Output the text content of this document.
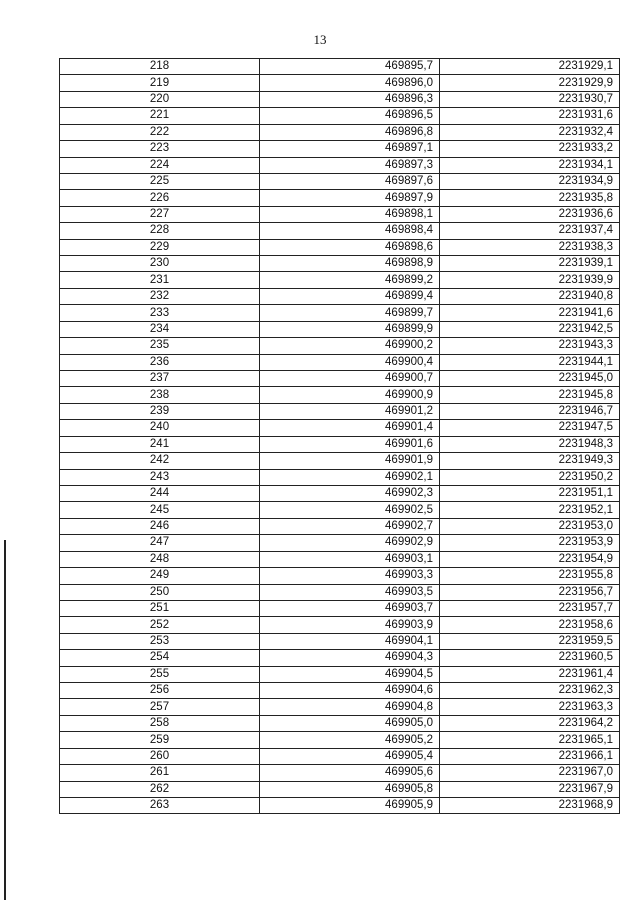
13
218	469895,7	2231929,1
219	469896,0	2231929,9
220	469896,3	2231930,7
221	469896,5	2231931,6
222	469896,8	2231932,4
223	469897,1	2231933,2
224	469897,3	2231934,1
225	469897,6	2231934,9
226	469897,9	2231935,8
227	469898,1	2231936,6
228	469898,4	2231937,4
229	469898,6	2231938,3
230	469898,9	2231939,1
231	469899,2	2231939,9
232	469899,4	2231940,8
233	469899,7	2231941,6
234	469899,9	2231942,5
235	469900,2	2231943,3
236	469900,4	2231944,1
237	469900,7	2231945,0
238	469900,9	2231945,8
239	469901,2	2231946,7
240	469901,4	2231947,5
241	469901,6	2231948,3
242	469901,9	2231949,3
243	469902,1	2231950,2
244	469902,3	2231951,1
245	469902,5	2231952,1
246	469902,7	2231953,0
247	469902,9	2231953,9
248	469903,1	2231954,9
249	469903,3	2231955,8
250	469903,5	2231956,7
251	469903,7	2231957,7
252	469903,9	2231958,6
253	469904,1	2231959,5
254	469904,3	2231960,5
255	469904,5	2231961,4
256	469904,6	2231962,3
257	469904,8	2231963,3
258	469905,0	2231964,2
259	469905,2	2231965,1
260	469905,4	2231966,1
261	469905,6	2231967,0
262	469905,8	2231967,9
263	469905,9	2231968,9
